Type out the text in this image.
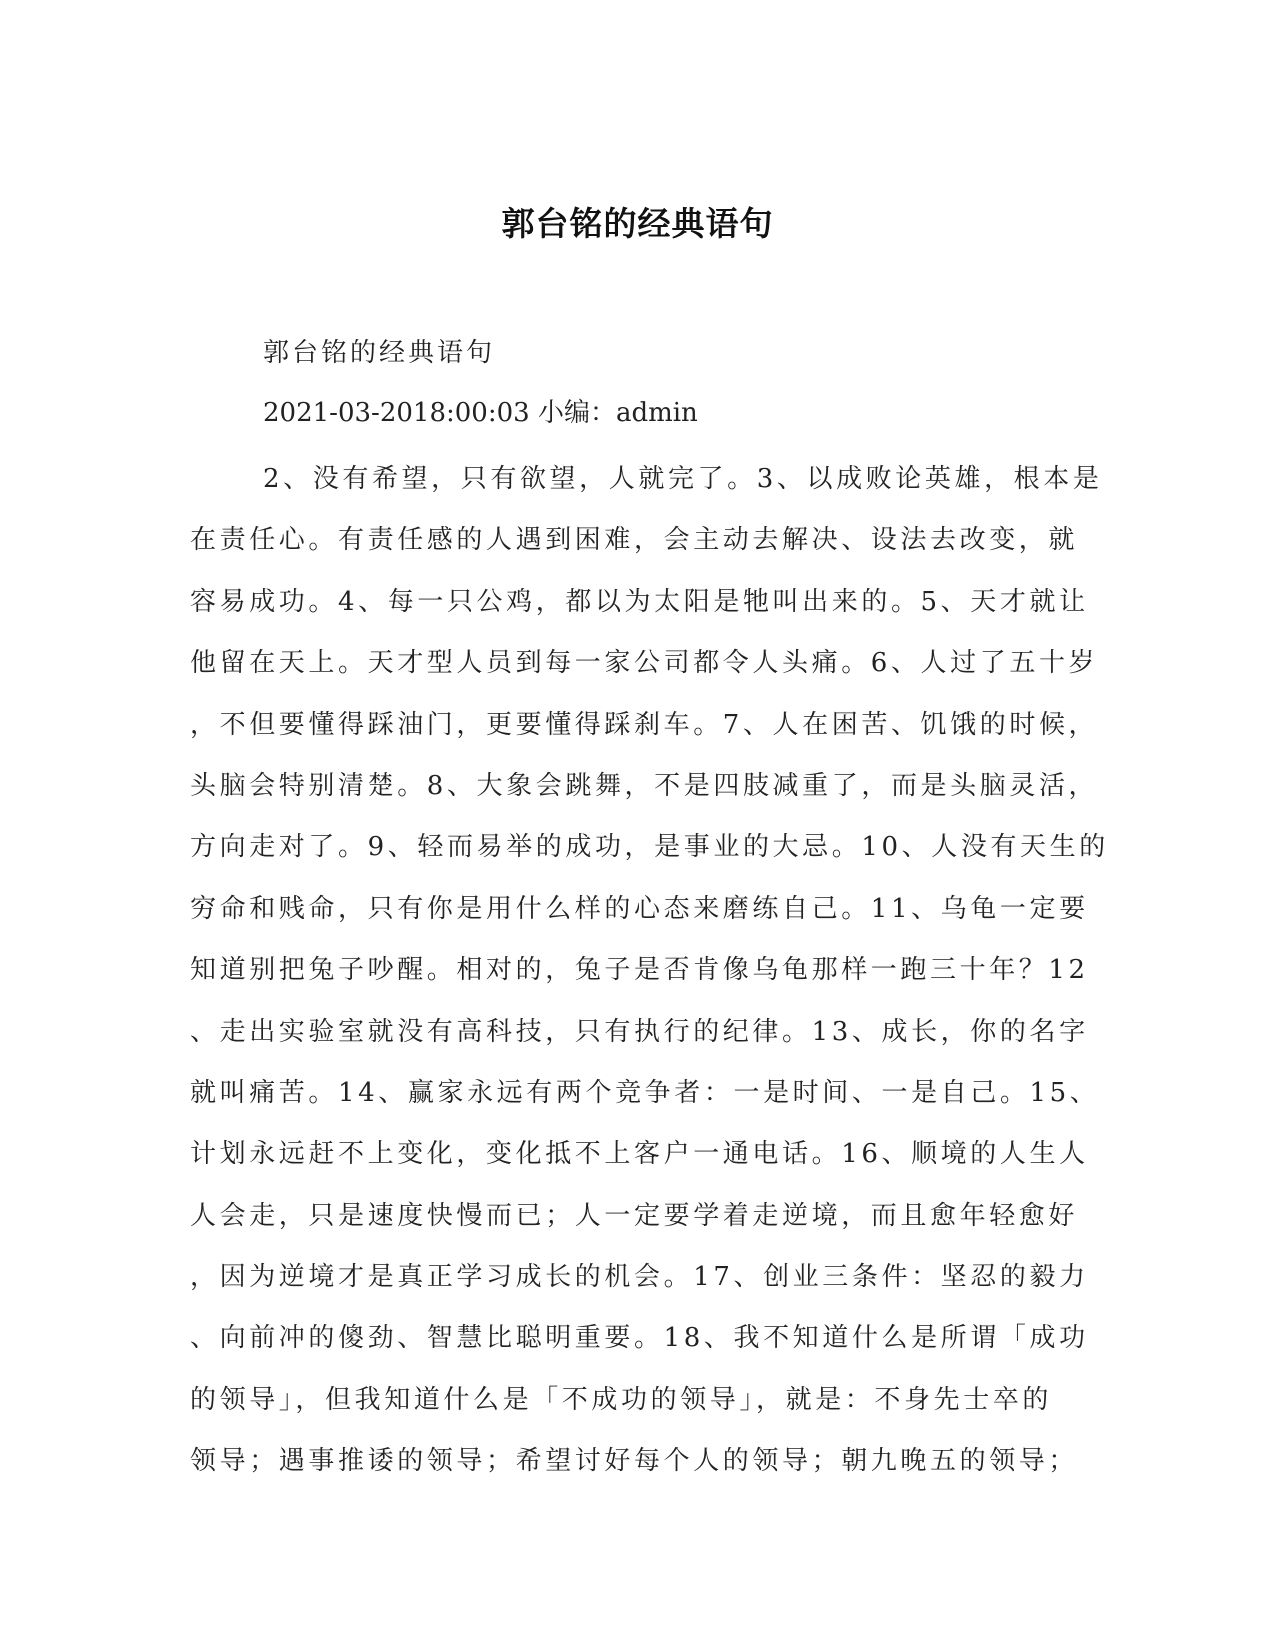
郭台铭的经典语句

郭台铭的经典语句

2021-03-2018:00:03 小编：admin

2、没有希望，只有欲望，人就完了。3、以成败论英雄，根本是
在责任心。有责任感的人遇到困难，会主动去解决、设法去改变，就
容易成功。4、每一只公鸡，都以为太阳是牠叫出来的。5、天才就让
他留在天上。天才型人员到每一家公司都令人头痛。6、人过了五十岁
，不但要懂得踩油门，更要懂得踩刹车。7、人在困苦、饥饿的时候，
头脑会特别清楚。8、大象会跳舞，不是四肢减重了，而是头脑灵活，
方向走对了。9、轻而易举的成功，是事业的大忌。10、人没有天生的
穷命和贱命，只有你是用什么样的心态来磨练自己。11、乌龟一定要
知道别把兔子吵醒。相对的，兔子是否肯像乌龟那样一跑三十年？12
、走出实验室就没有高科技，只有执行的纪律。13、成长，你的名字
就叫痛苦。14、赢家永远有两个竞争者：一是时间、一是自己。15、
计划永远赶不上变化，变化抵不上客户一通电话。16、顺境的人生人
人会走，只是速度快慢而已；人一定要学着走逆境，而且愈年轻愈好
，因为逆境才是真正学习成长的机会。17、创业三条件：坚忍的毅力
、向前冲的傻劲、智慧比聪明重要。18、我不知道什么是所谓「成功
的领导」，但我知道什么是「不成功的领导」，就是：不身先士卒的
领导；遇事推诿的领导；希望讨好每个人的领导；朝九晚五的领导；
